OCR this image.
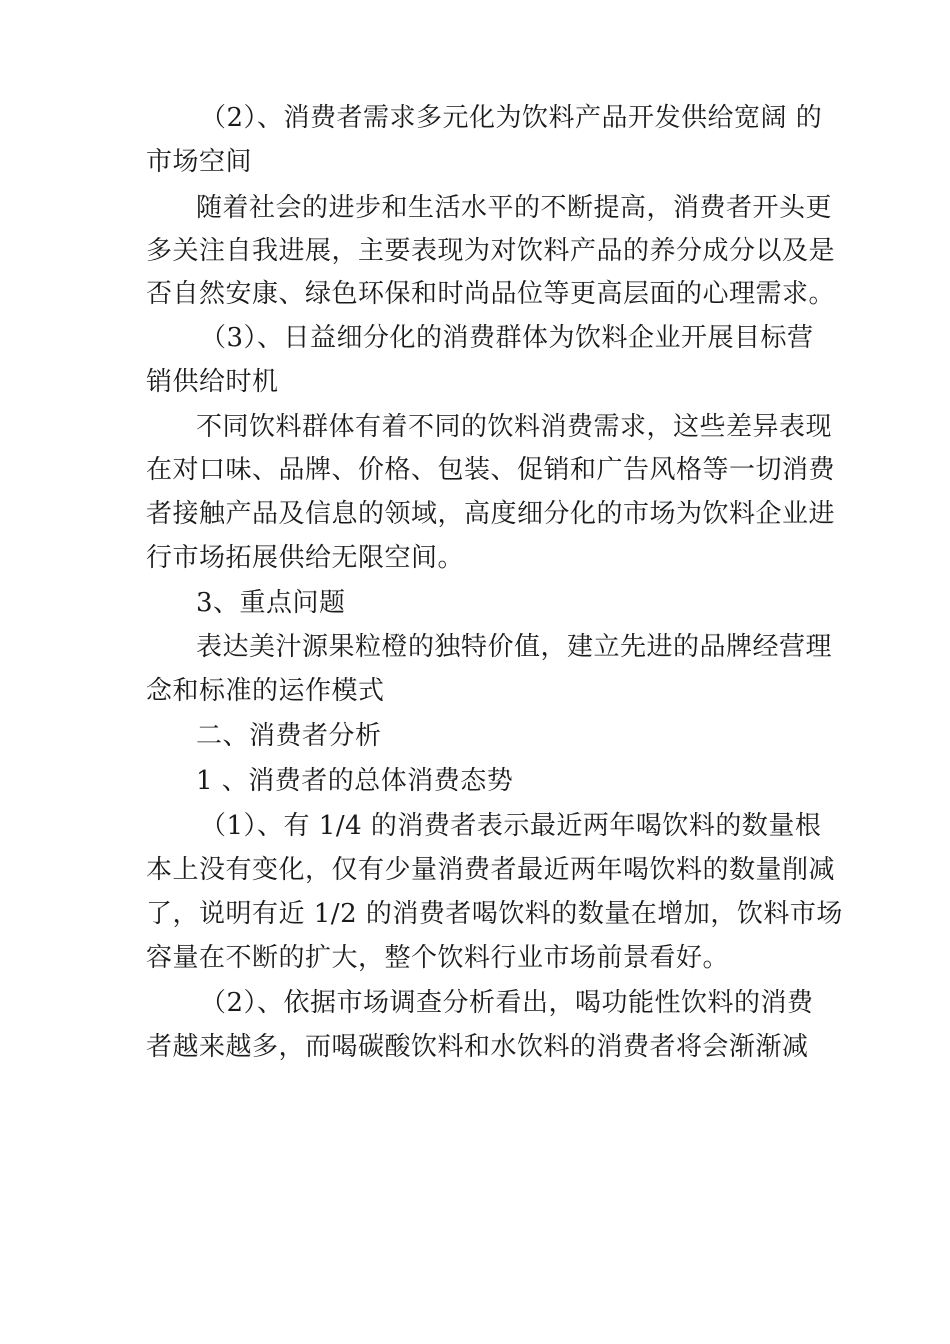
（2）、消费者需求多元化为饮料产品开发供给宽阔 的
市场空间
随着社会的进步和生活水平的不断提高，消费者开头更
多关注自我进展，主要表现为对饮料产品的养分成分以及是
否自然安康、绿色环保和时尚品位等更高层面的心理需求。
（3）、日益细分化的消费群体为饮料企业开展目标营
销供给时机
不同饮料群体有着不同的饮料消费需求，这些差异表现
在对口味、品牌、价格、包装、促销和广告风格等一切消费
者接触产品及信息的领域，高度细分化的市场为饮料企业进
行市场拓展供给无限空间。
3、重点问题
表达美汁源果粒橙的独特价值，建立先进的品牌经营理
念和标准的运作模式
二、消费者分析
1 、消费者的总体消费态势
（1）、有 1/4 的消费者表示最近两年喝饮料的数量根
本上没有变化，仅有少量消费者最近两年喝饮料的数量削减
了，说明有近 1/2 的消费者喝饮料的数量在增加，饮料市场
容量在不断的扩大，整个饮料行业市场前景看好。
（2）、依据市场调查分析看出，喝功能性饮料的消费
者越来越多，而喝碳酸饮料和水饮料的消费者将会渐渐减
